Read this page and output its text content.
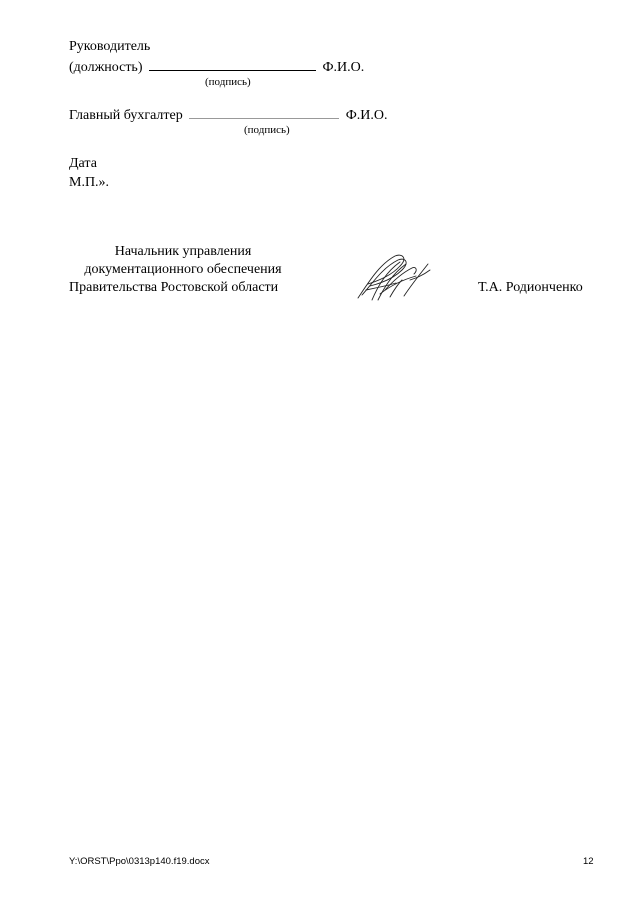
Руководитель
(должность)	Ф.И.О.
(подпись)
Главный бухгалтер	Ф.И.О.
(подпись)
Дата
М.П.».
Начальник управления
документационного обеспечения
Правительства Ростовской области	Т.А. Родионченко
Y:\ORST\Ppo\0313p140.f19.docx	12
